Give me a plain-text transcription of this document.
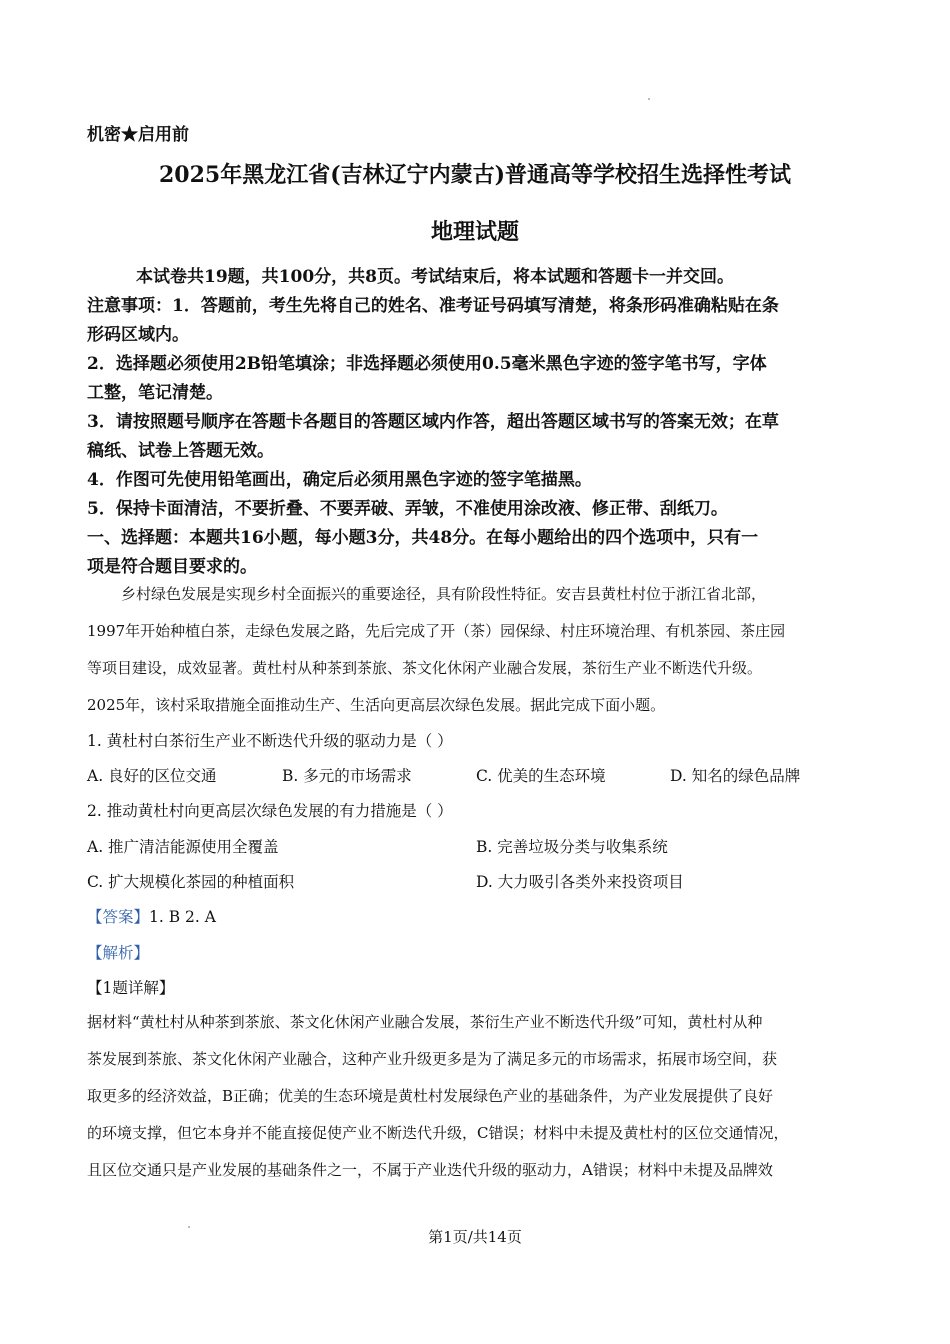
机密★启用前
2025年黑龙江省(吉林辽宁内蒙古)普通高等学校招生选择性考试
地理试题
本试卷共19题，共100分，共8页。考试结束后，将本试题和答题卡一并交回。
注意事项：1．答题前，考生先将自己的姓名、准考证号码填写清楚，将条形码准确粘贴在条
形码区域内。
2．选择题必须使用2B铅笔填涂；非选择题必须使用0.5毫米黑色字迹的签字笔书写，字体
工整，笔记清楚。
3．请按照题号顺序在答题卡各题目的答题区域内作答，超出答题区域书写的答案无效；在草
稿纸、试卷上答题无效。
4．作图可先使用铅笔画出，确定后必须用黑色字迹的签字笔描黑。
5．保持卡面清洁，不要折叠、不要弄破、弄皱，不准使用涂改液、修正带、刮纸刀。
一、选择题：本题共16小题，每小题3分，共48分。在每小题给出的四个选项中，只有一
项是符合题目要求的。
乡村绿色发展是实现乡村全面振兴的重要途径，具有阶段性特征。安吉县黄杜村位于浙江省北部，
1997年开始种植白茶，走绿色发展之路，先后完成了开（茶）园保绿、村庄环境治理、有机茶园、茶庄园
等项目建设，成效显著。黄杜村从种茶到茶旅、茶文化休闲产业融合发展，茶衍生产业不断迭代升级。
2025年，该村采取措施全面推动生产、生活向更高层次绿色发展。据此完成下面小题。
1. 黄杜村白茶衍生产业不断迭代升级的驱动力是（ ）
A. 良好的区位交通	B. 多元的市场需求	C. 优美的生态环境	D. 知名的绿色品牌
2. 推动黄杜村向更高层次绿色发展的有力措施是（ ）
A. 推广清洁能源使用全覆盖	B. 完善垃圾分类与收集系统
C. 扩大规模化茶园的种植面积	D. 大力吸引各类外来投资项目
【答案】1. B 2. A
【解析】
【1题详解】
据材料“黄杜村从种茶到茶旅、茶文化休闲产业融合发展，茶衍生产业不断迭代升级”可知，黄杜村从种
茶发展到茶旅、茶文化休闲产业融合，这种产业升级更多是为了满足多元的市场需求，拓展市场空间，获
取更多的经济效益，B正确；优美的生态环境是黄杜村发展绿色产业的基础条件，为产业发展提供了良好
的环境支撑，但它本身并不能直接促使产业不断迭代升级，C错误；材料中未提及黄杜村的区位交通情况，
且区位交通只是产业发展的基础条件之一，不属于产业迭代升级的驱动力，A错误；材料中未提及品牌效
第1页/共14页
